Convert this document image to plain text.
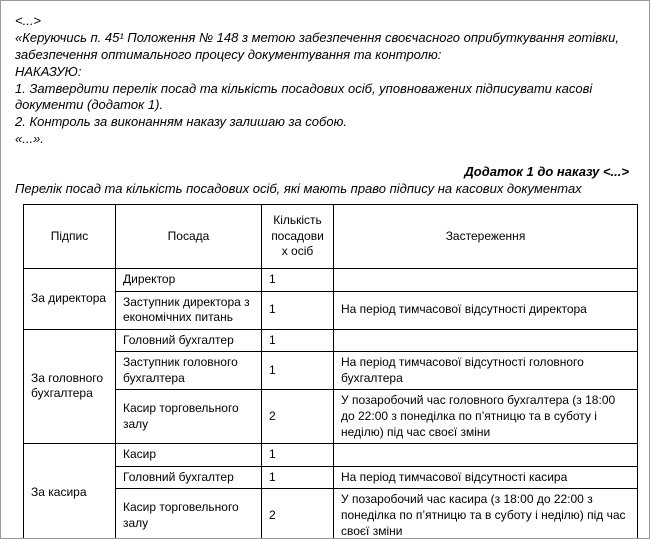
<...>

«Керуючись п. 45¹ Положення № 148 з метою забезпечення своєчасного оприбуткування готівки, забезпечення оптимального процесу документування та контролю:

НАКАЗУЮ:

1. Затвердити перелік посад та кількість посадових осіб, уповноважених підписувати касові документи (додаток 1).

2. Контроль за виконанням наказу залишаю за собою.

«...».

Додаток 1 до наказу <...>
Перелік посад та кількість посадових осіб, які мають право підпису на касових документах
Підпис	Посада	Кількість посадових осіб	Застереження
За директора	Директор	1	
	Заступник директора з економічних питань	1	На період тимчасової відсутності директора
За головного бухгалтера	Головний бухгалтер	1	
	Заступник головного бухгалтера	1	На період тимчасової відсутності головного бухгалтера
	Касир торговельного залу	2	У позаробочий час головного бухгалтера (з 18:00 до 22:00 з понеділка по п’ятницю та в суботу і неділю) під час своєї зміни
За касира	Касир	1	
	Головний бухгалтер	1	На період тимчасової відсутності касира
	Касир торговельного залу	2	У позаробочий час касира (з 18:00 до 22:00 з понеділка по п’ятницю та в суботу і неділю) під час своєї зміни
